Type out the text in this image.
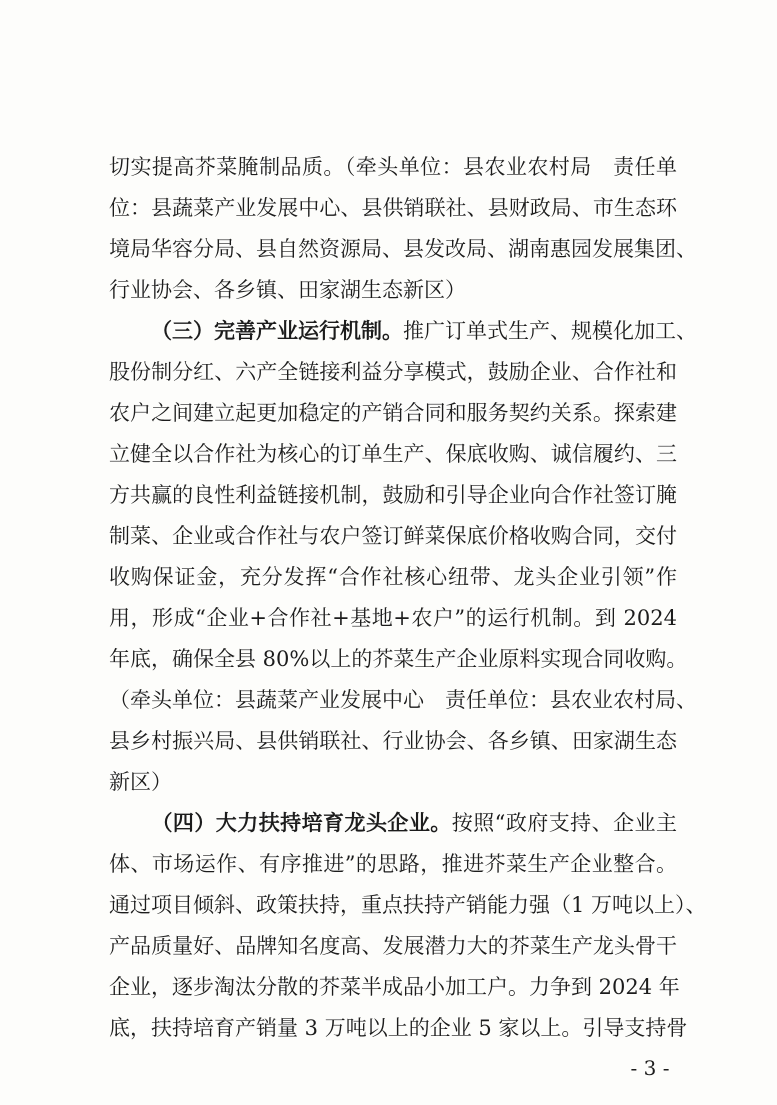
切实提高芥菜腌制品质。（牵头单位：县农业农村局　责任单
位：县蔬菜产业发展中心、县供销联社、县财政局、市生态环
境局华容分局、县自然资源局、县发改局、湖南惠园发展集团、
行业协会、各乡镇、田家湖生态新区）
（三）完善产业运行机制。推广订单式生产、规模化加工、
股份制分红、六产全链接利益分享模式，鼓励企业、合作社和
农户之间建立起更加稳定的产销合同和服务契约关系。探索建
立健全以合作社为核心的订单生产、保底收购、诚信履约、三
方共赢的良性利益链接机制，鼓励和引导企业向合作社签订腌
制菜、企业或合作社与农户签订鲜菜保底价格收购合同，交付
收购保证金，充分发挥“合作社核心纽带、龙头企业引领”作
用，形成“企业+合作社+基地+农户”的运行机制。到 2024
年底，确保全县 80%以上的芥菜生产企业原料实现合同收购。
（牵头单位：县蔬菜产业发展中心　责任单位：县农业农村局、
县乡村振兴局、县供销联社、行业协会、各乡镇、田家湖生态
新区）
（四）大力扶持培育龙头企业。按照“政府支持、企业主
体、市场运作、有序推进”的思路，推进芥菜生产企业整合。
通过项目倾斜、政策扶持，重点扶持产销能力强（1 万吨以上）、
产品质量好、品牌知名度高、发展潜力大的芥菜生产龙头骨干
企业，逐步淘汰分散的芥菜半成品小加工户。力争到 2024 年
底，扶持培育产销量 3 万吨以上的企业 5 家以上。引导支持骨
- 3 -
